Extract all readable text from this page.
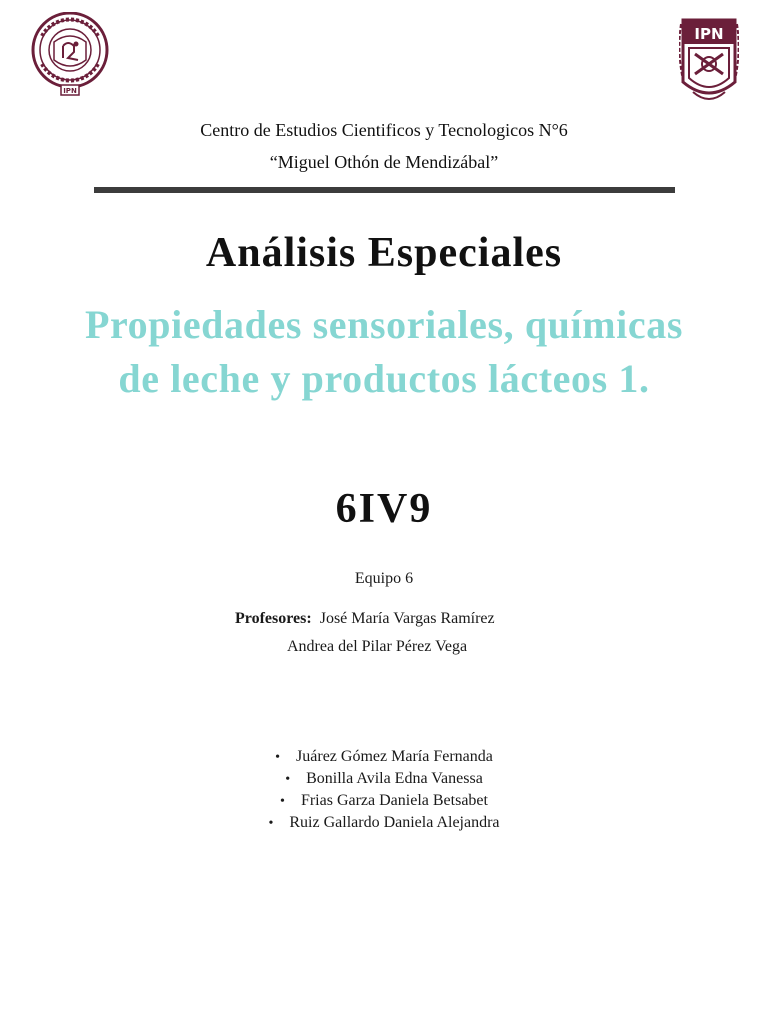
IPN
IPN
Centro de Estudios Cientificos y Tecnologicos N°6
“Miguel Othón de Mendizábal”
Análisis Especiales
Propiedades sensoriales, químicas de leche y productos lácteos 1.
6IV9
Equipo 6
Profesores: José María Vargas Ramírez
Andrea del Pilar Pérez Vega
• Juárez Gómez María Fernanda
• Bonilla Avila Edna Vanessa
• Frias Garza Daniela Betsabet
• Ruiz Gallardo Daniela Alejandra
